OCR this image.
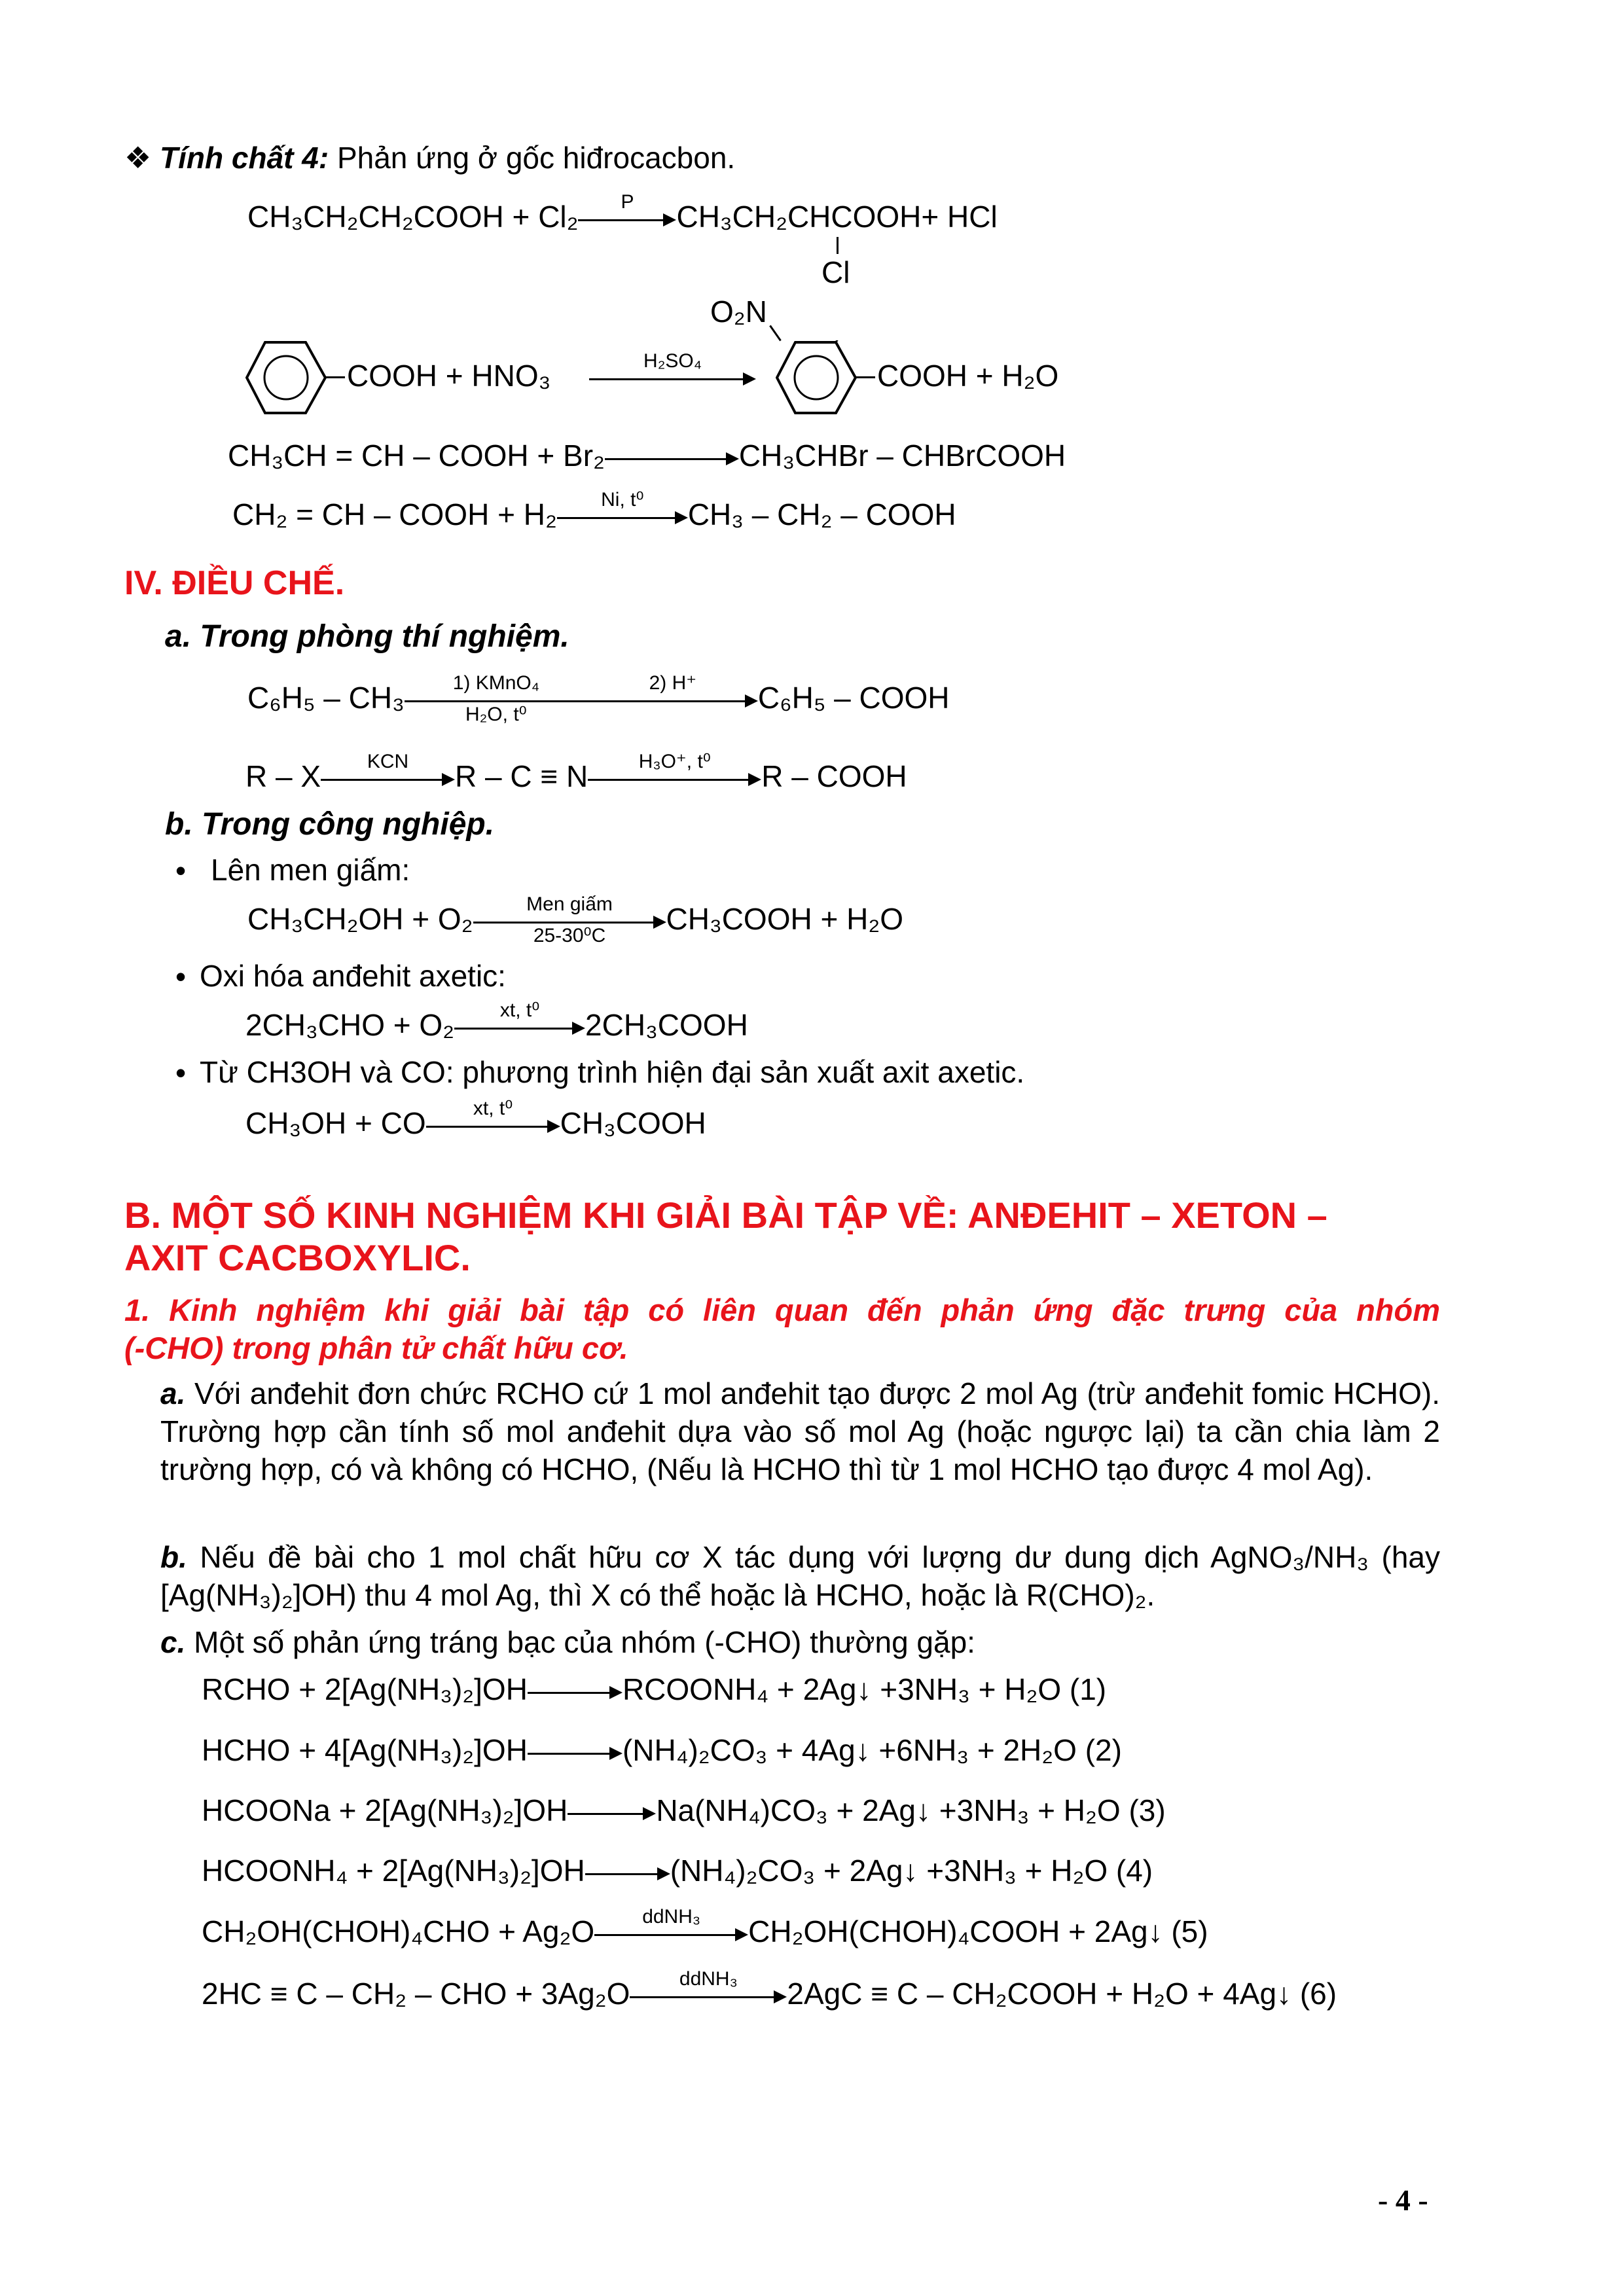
❖ Tính chất 4: Phản ứng ở gốc hiđrocacbon.
CH₃CH₂CH₂COOH + Cl₂	P	CH₃CH₂CHCOOH+ HCl
Cl
O₂N
COOH + HNO₃	H₂SO₄	COOH + H₂O
CH₃CH = CH – COOH + Br₂	CH₃CHBr – CHBrCOOH
CH₂ = CH – COOH + H₂	Ni, t⁰	CH₃ – CH₂ – COOH
IV. ĐIỀU CHẾ.
a. Trong phòng thí nghiệm.
C₆H₅ – CH₃	1) KMnO₄
H₂O, t⁰
2) H⁺	C₆H₅ – COOH
R – X	KCN	R – C ≡ N	H₃O⁺, t⁰	R – COOH
b. Trong công nghiệp.
• Lên men giấm:
CH₃CH₂OH + O₂	Men giấm
25-30⁰C	CH₃COOH + H₂O
• Oxi hóa anđehit axetic:
2CH₃CHO + O₂	xt, t⁰	2CH₃COOH
• Từ CH3OH và CO: phương trình hiện đại sản xuất axit axetic.
CH₃OH + CO	xt, t⁰	CH₃COOH
B. MỘT SỐ KINH NGHIỆM KHI GIẢI BÀI TẬP VỀ: ANĐEHIT – XETON –
AXIT CACBOXYLIC.
1. Kinh nghiệm khi giải bài tập có liên quan đến phản ứng đặc trưng của nhóm
(-CHO) trong phân tử chất hữu cơ.
a. Với anđehit đơn chức RCHO cứ 1 mol anđehit tạo được 2 mol Ag (trừ anđehit fomic HCHO). Trường hợp cần tính số mol anđehit dựa vào số mol Ag (hoặc ngược lại) ta cần chia làm 2 trường hợp, có và không có HCHO, (Nếu là HCHO thì từ 1 mol HCHO tạo được 4 mol Ag).
b. Nếu đề bài cho 1 mol chất hữu cơ X tác dụng với lượng dư dung dịch AgNO₃/NH₃ (hay [Ag(NH₃)₂]OH) thu 4 mol Ag, thì X có thể hoặc là HCHO, hoặc là R(CHO)₂.
c. Một số phản ứng tráng bạc của nhóm (-CHO) thường gặp:
RCHO + 2[Ag(NH₃)₂]OH	RCOONH₄ + 2Ag↓ +3NH₃ + H₂O (1)
HCHO + 4[Ag(NH₃)₂]OH	(NH₄)₂CO₃ + 4Ag↓ +6NH₃ + 2H₂O (2)
HCOONa + 2[Ag(NH₃)₂]OH	Na(NH₄)CO₃ + 2Ag↓ +3NH₃ + H₂O (3)
HCOONH₄ + 2[Ag(NH₃)₂]OH	(NH₄)₂CO₃ + 2Ag↓ +3NH₃ + H₂O (4)
CH₂OH(CHOH)₄CHO + Ag₂O	ddNH₃	CH₂OH(CHOH)₄COOH + 2Ag↓ (5)
2HC ≡ C – CH₂ – CHO + 3Ag₂O	ddNH₃	2AgC ≡ C – CH₂COOH + H₂O + 4Ag↓ (6)
- 4 -
